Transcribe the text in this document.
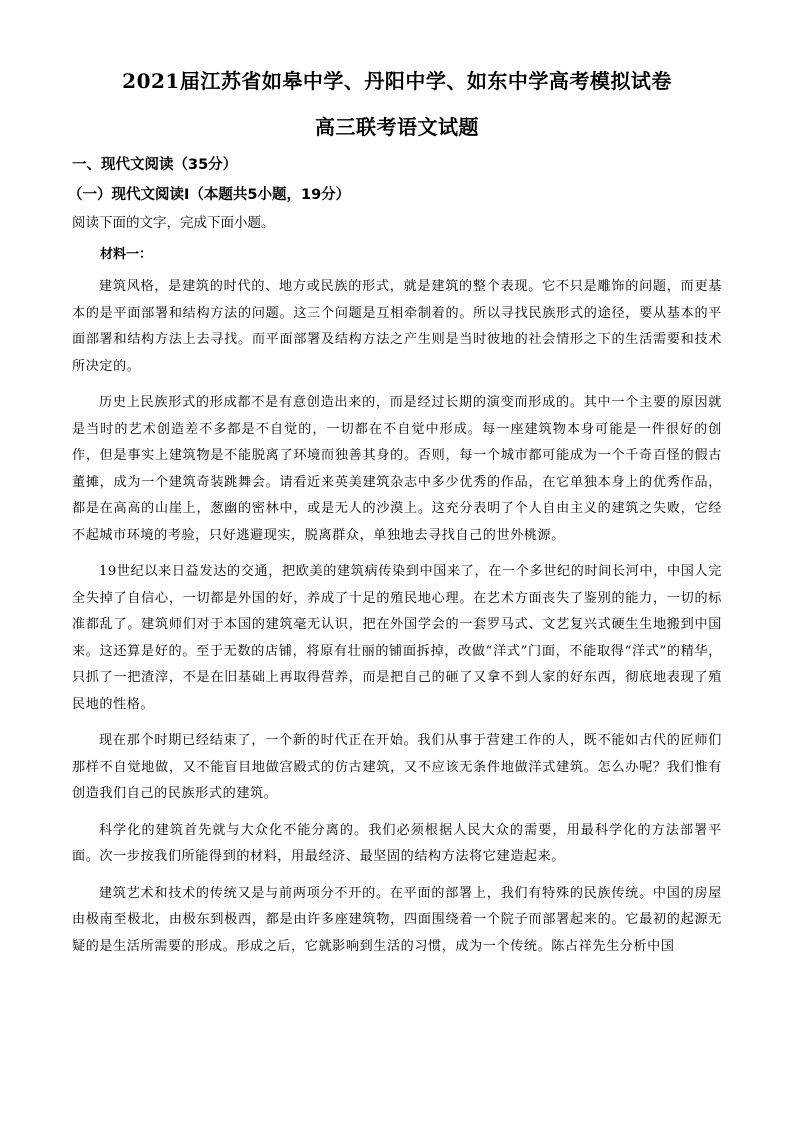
2021届江苏省如皋中学、丹阳中学、如东中学高考模拟试卷
高三联考语文试题
一、现代文阅读（35分）
（一）现代文阅读Ⅰ（本题共5小题，19分）
阅读下面的文字，完成下面小题。
材料一：

建筑风格，是建筑的时代的、地方或民族的形式，就是建筑的整个表现。它不只是雕饰的问题，而更基本的是平面部署和结构方法的问题。这三个问题是互相牵制着的。所以寻找民族形式的途径，要从基本的平面部署和结构方法上去寻找。而平面部署及结构方法之产生则是当时彼地的社会情形之下的生活需要和技术所决定的。

历史上民族形式的形成都不是有意创造出来的，而是经过长期的演变而形成的。其中一个主要的原因就是当时的艺术创造差不多都是不自觉的，一切都在不自觉中形成。每一座建筑物本身可能是一件很好的创作，但是事实上建筑物是不能脱离了环境而独善其身的。否则，每一个城市都可能成为一个千奇百怪的假古董摊，成为一个建筑奇装跳舞会。请看近来英美建筑杂志中多少优秀的作品，在它单独本身上的优秀作品，都是在高高的山崖上，葱幽的密林中，或是无人的沙漠上。这充分表明了个人自由主义的建筑之失败，它经不起城市环境的考验，只好逃避现实，脱离群众，单独地去寻找自己的世外桃源。

19世纪以来日益发达的交通，把欧美的建筑病传染到中国来了，在一个多世纪的时间长河中，中国人完全失掉了自信心，一切都是外国的好，养成了十足的殖民地心理。在艺术方面丧失了鉴别的能力，一切的标准都乱了。建筑师们对于本国的建筑毫无认识，把在外国学会的一套罗马式、文艺复兴式硬生生地搬到中国来。这还算是好的。至于无数的店铺，将原有壮丽的铺面拆掉，改做“洋式”门面，不能取得“洋式”的精华，只抓了一把渣滓，不是在旧基础上再取得营养，而是把自己的砸了又拿不到人家的好东西，彻底地表现了殖民地的性格。

现在那个时期已经结束了，一个新的时代正在开始。我们从事于营建工作的人，既不能如古代的匠师们那样不自觉地做，又不能盲目地做宫殿式的仿古建筑，又不应该无条件地做洋式建筑。怎么办呢？我们惟有创造我们自己的民族形式的建筑。

科学化的建筑首先就与大众化不能分离的。我们必须根据人民大众的需要，用最科学化的方法部署平面。次一步按我们所能得到的材料，用最经济、最坚固的结构方法将它建造起来。

建筑艺术和技术的传统又是与前两项分不开的。在平面的部署上，我们有特殊的民族传统。中国的房屋由极南至极北，由极东到极西，都是由许多座建筑物，四面围绕着一个院子而部署起来的。它最初的起源无疑的是生活所需要的形成。形成之后，它就影响到生活的习惯，成为一个传统。陈占祥先生分析中国
